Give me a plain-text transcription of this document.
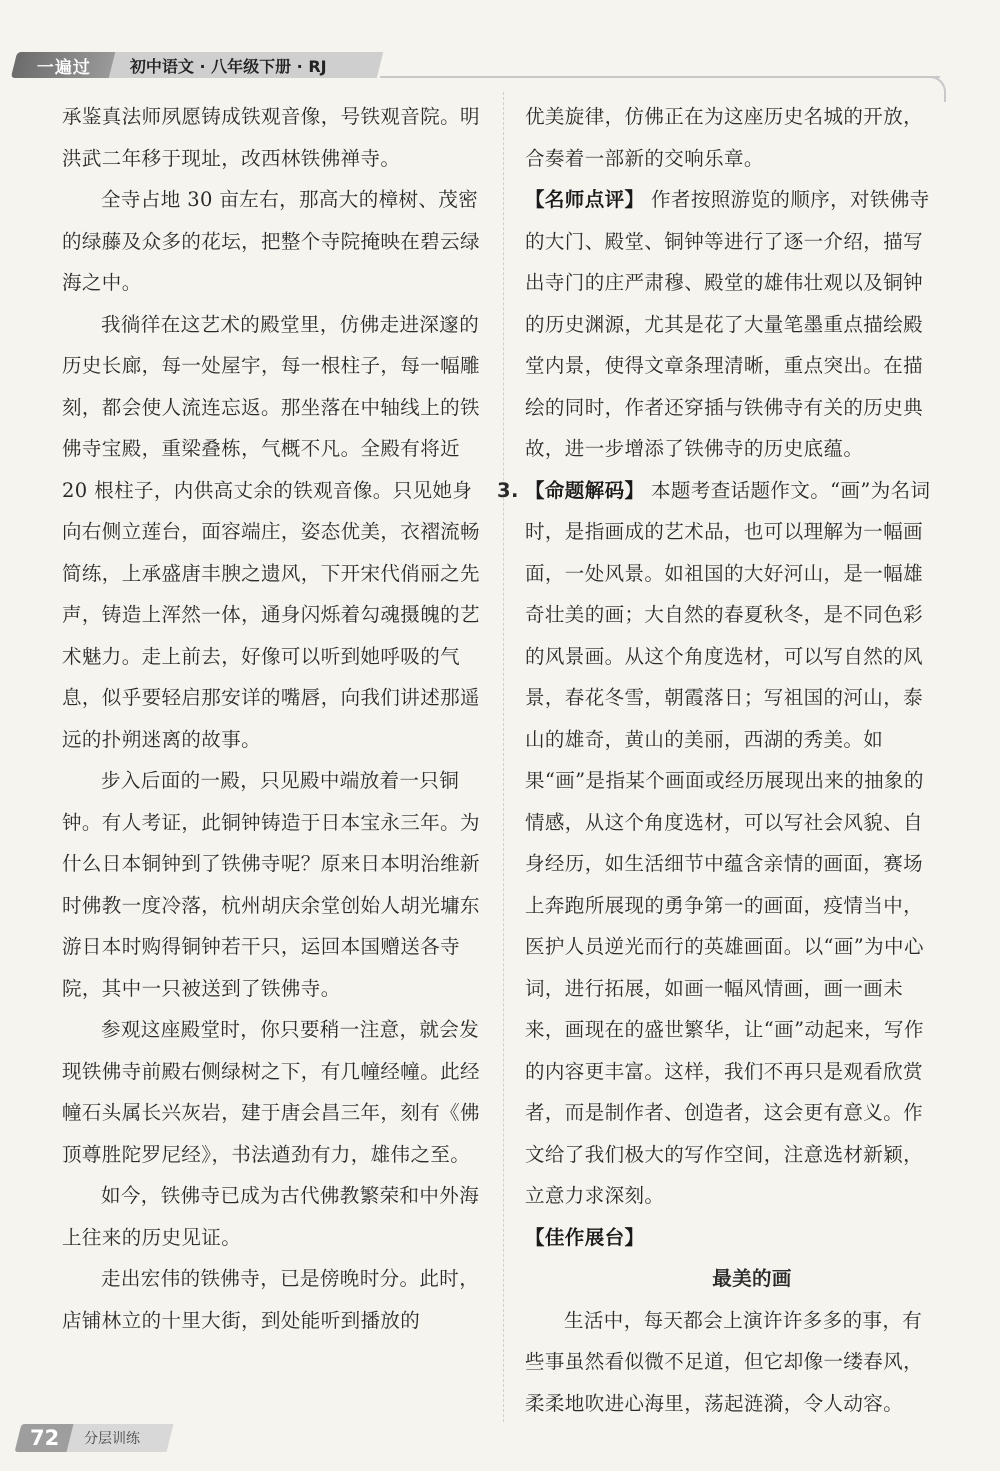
一遍过 初中语文 · 八年级下册 · RJ

承鉴真法师夙愿铸成铁观音像，号铁观音院。明洪武二年移于现址，改西林铁佛禅寺。

全寺占地 30 亩左右，那高大的樟树、茂密的绿藤及众多的花坛，把整个寺院掩映在碧云绿海之中。

我徜徉在这艺术的殿堂里，仿佛走进深邃的历史长廊，每一处屋宇，每一根柱子，每一幅雕刻，都会使人流连忘返。那坐落在中轴线上的铁佛寺宝殿，重梁叠栋，气概不凡。全殿有将近 20 根柱子，内供高丈余的铁观音像。只见她身向右侧立莲台，面容端庄，姿态优美，衣褶流畅简练，上承盛唐丰腴之遗风，下开宋代俏丽之先声，铸造上浑然一体，通身闪烁着勾魂摄魄的艺术魅力。走上前去，好像可以听到她呼吸的气息，似乎要轻启那安详的嘴唇，向我们讲述那遥远的扑朔迷离的故事。

步入后面的一殿，只见殿中端放着一只铜钟。有人考证，此铜钟铸造于日本宝永三年。为什么日本铜钟到了铁佛寺呢？原来日本明治维新时佛教一度冷落，杭州胡庆余堂创始人胡光墉东游日本时购得铜钟若干只，运回本国赠送各寺院，其中一只被送到了铁佛寺。

参观这座殿堂时，你只要稍一注意，就会发现铁佛寺前殿右侧绿树之下，有几幢经幢。此经幢石头属长兴灰岩，建于唐会昌三年，刻有《佛顶尊胜陀罗尼经》，书法遒劲有力，雄伟之至。

如今，铁佛寺已成为古代佛教繁荣和中外海上往来的历史见证。

走出宏伟的铁佛寺，已是傍晚时分。此时，店铺林立的十里大街，到处能听到播放的

优美旋律，仿佛正在为这座历史名城的开放，合奏着一部新的交响乐章。

【名师点评】 作者按照游览的顺序，对铁佛寺的大门、殿堂、铜钟等进行了逐一介绍，描写出寺门的庄严肃穆、殿堂的雄伟壮观以及铜钟的历史渊源，尤其是花了大量笔墨重点描绘殿堂内景，使得文章条理清晰，重点突出。在描绘的同时，作者还穿插与铁佛寺有关的历史典故，进一步增添了铁佛寺的历史底蕴。

3. 【命题解码】 本题考查话题作文。“画”为名词时，是指画成的艺术品，也可以理解为一幅画面，一处风景。如祖国的大好河山，是一幅雄奇壮美的画；大自然的春夏秋冬，是不同色彩的风景画。从这个角度选材，可以写自然的风景，春花冬雪，朝霞落日；写祖国的河山，泰山的雄奇，黄山的美丽，西湖的秀美。如果“画”是指某个画面或经历展现出来的抽象的情感，从这个角度选材，可以写社会风貌、自身经历，如生活细节中蕴含亲情的画面，赛场上奔跑所展现的勇争第一的画面，疫情当中，医护人员逆光而行的英雄画面。以“画”为中心词，进行拓展，如画一幅风情画，画一画未来，画现在的盛世繁华，让“画”动起来，写作的内容更丰富。这样，我们不再只是观看欣赏者，而是制作者、创造者，这会更有意义。作文给了我们极大的写作空间，注意选材新颖，立意力求深刻。

【佳作展台】

最美的画

生活中，每天都会上演许许多多的事，有些事虽然看似微不足道，但它却像一缕春风，柔柔地吹进心海里，荡起涟漪，令人动容。

72 分层训练
